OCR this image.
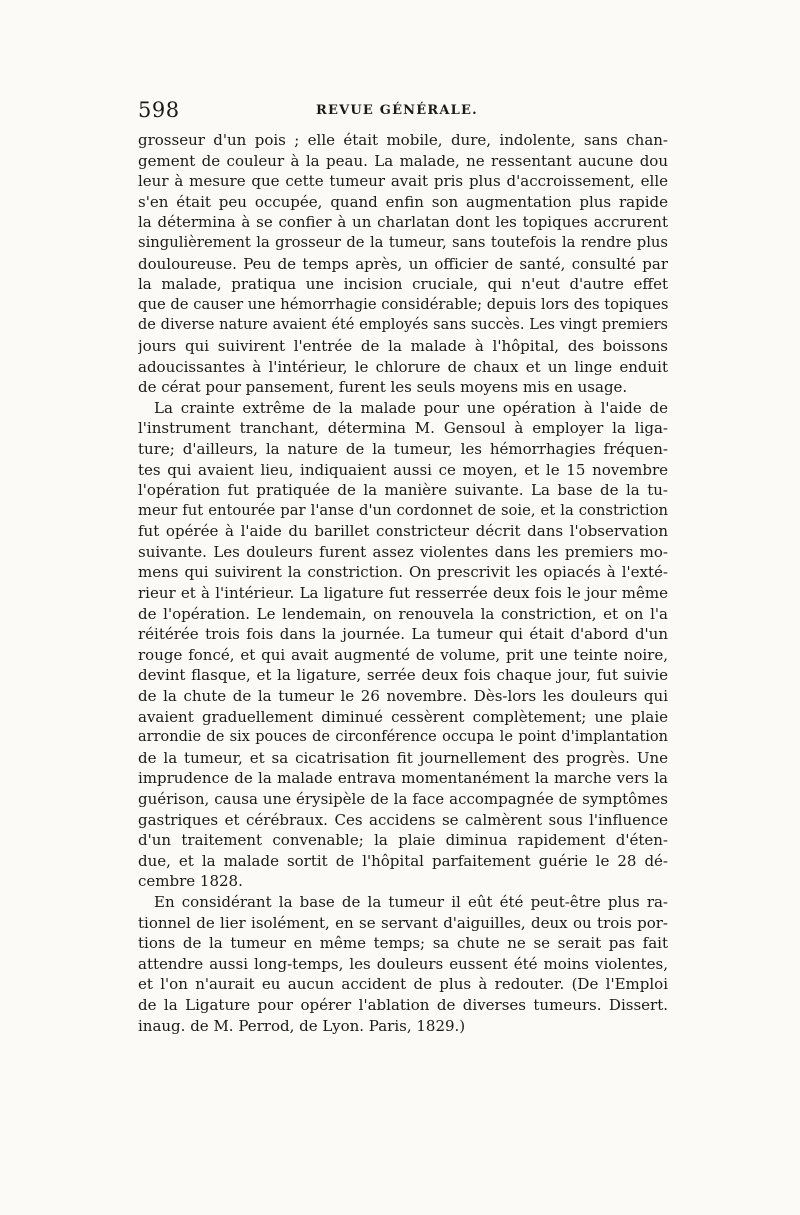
598	REVUE GÉNÉRALE.
grosseur d'un pois ; elle était mobile, dure, indolente, sans chan-
gement de couleur à la peau. La malade, ne ressentant aucune dou
leur à mesure que cette tumeur avait pris plus d'accroissement, elle
s'en était peu occupée, quand enfin son augmentation plus rapide
la détermina à se confier à un charlatan dont les topiques accrurent
singulièrement la grosseur de la tumeur, sans toutefois la rendre plus
douloureuse. Peu de temps après, un officier de santé, consulté par
la malade, pratiqua une incision cruciale, qui n'eut d'autre effet
que de causer une hémorrhagie considérable; depuis lors des topiques
de diverse nature avaient été employés sans succès. Les vingt premiers
jours qui suivirent l'entrée de la malade à l'hôpital, des boissons
adoucissantes à l'intérieur, le chlorure de chaux et un linge enduit
de cérat pour pansement, furent les seuls moyens mis en usage.
La crainte extrême de la malade pour une opération à l'aide de
l'instrument tranchant, détermina M. Gensoul à employer la liga-
ture; d'ailleurs, la nature de la tumeur, les hémorrhagies fréquen-
tes qui avaient lieu, indiquaient aussi ce moyen, et le 15 novembre
l'opération fut pratiquée de la manière suivante. La base de la tu-
meur fut entourée par l'anse d'un cordonnet de soie, et la constriction
fut opérée à l'aide du barillet constricteur décrit dans l'observation
suivante. Les douleurs furent assez violentes dans les premiers mo-
mens qui suivirent la constriction. On prescrivit les opiacés à l'exté-
rieur et à l'intérieur. La ligature fut resserrée deux fois le jour même
de l'opération. Le lendemain, on renouvela la constriction, et on l'a
réitérée trois fois dans la journée. La tumeur qui était d'abord d'un
rouge foncé, et qui avait augmenté de volume, prit une teinte noire,
devint flasque, et la ligature, serrée deux fois chaque jour, fut suivie
de la chute de la tumeur le 26 novembre. Dès-lors les douleurs qui
avaient graduellement diminué cessèrent complètement; une plaie
arrondie de six pouces de circonférence occupa le point d'implantation
de la tumeur, et sa cicatrisation fit journellement des progrès. Une
imprudence de la malade entrava momentanément la marche vers la
guérison, causa une érysipèle de la face accompagnée de symptômes
gastriques et cérébraux. Ces accidens se calmèrent sous l'influence
d'un traitement convenable; la plaie diminua rapidement d'éten-
due, et la malade sortit de l'hôpital parfaitement guérie le 28 dé-
cembre 1828.
En considérant la base de la tumeur il eût été peut-être plus ra-
tionnel de lier isolément, en se servant d'aiguilles, deux ou trois por-
tions de la tumeur en même temps; sa chute ne se serait pas fait
attendre aussi long-temps, les douleurs eussent été moins violentes,
et l'on n'aurait eu aucun accident de plus à redouter. (De l'Emploi
de la Ligature pour opérer l'ablation de diverses tumeurs. Dissert.
inaug. de M. Perrod, de Lyon. Paris, 1829.)
